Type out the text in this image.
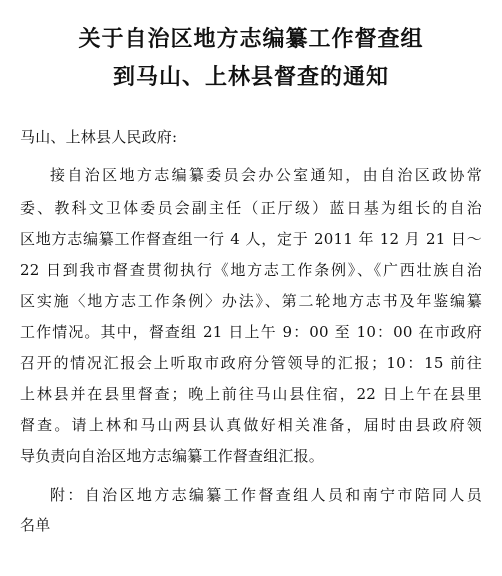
关于自治区地方志编纂工作督查组
到马山、上林县督查的通知
马山、上林县人民政府:
接自治区地方志编纂委员会办公室通知，由自治区政协常
委、教科文卫体委员会副主任（正厅级）蓝日基为组长的自治
区地方志编纂工作督查组一行 4 人，定于 2011 年 12 月 21 日～
22 日到我市督查贯彻执行《地方志工作条例》、《广西壮族自治
区实施〈地方志工作条例〉办法》、第二轮地方志书及年鉴编纂
工作情况。其中，督查组 21 日上午 9：00 至 10：00 在市政府
召开的情况汇报会上听取市政府分管领导的汇报；10：15 前往
上林县并在县里督查；晚上前往马山县住宿，22 日上午在县里
督查。请上林和马山两县认真做好相关准备，届时由县政府领
导负责向自治区地方志编纂工作督查组汇报。
附：自治区地方志编纂工作督查组人员和南宁市陪同人员
名单
